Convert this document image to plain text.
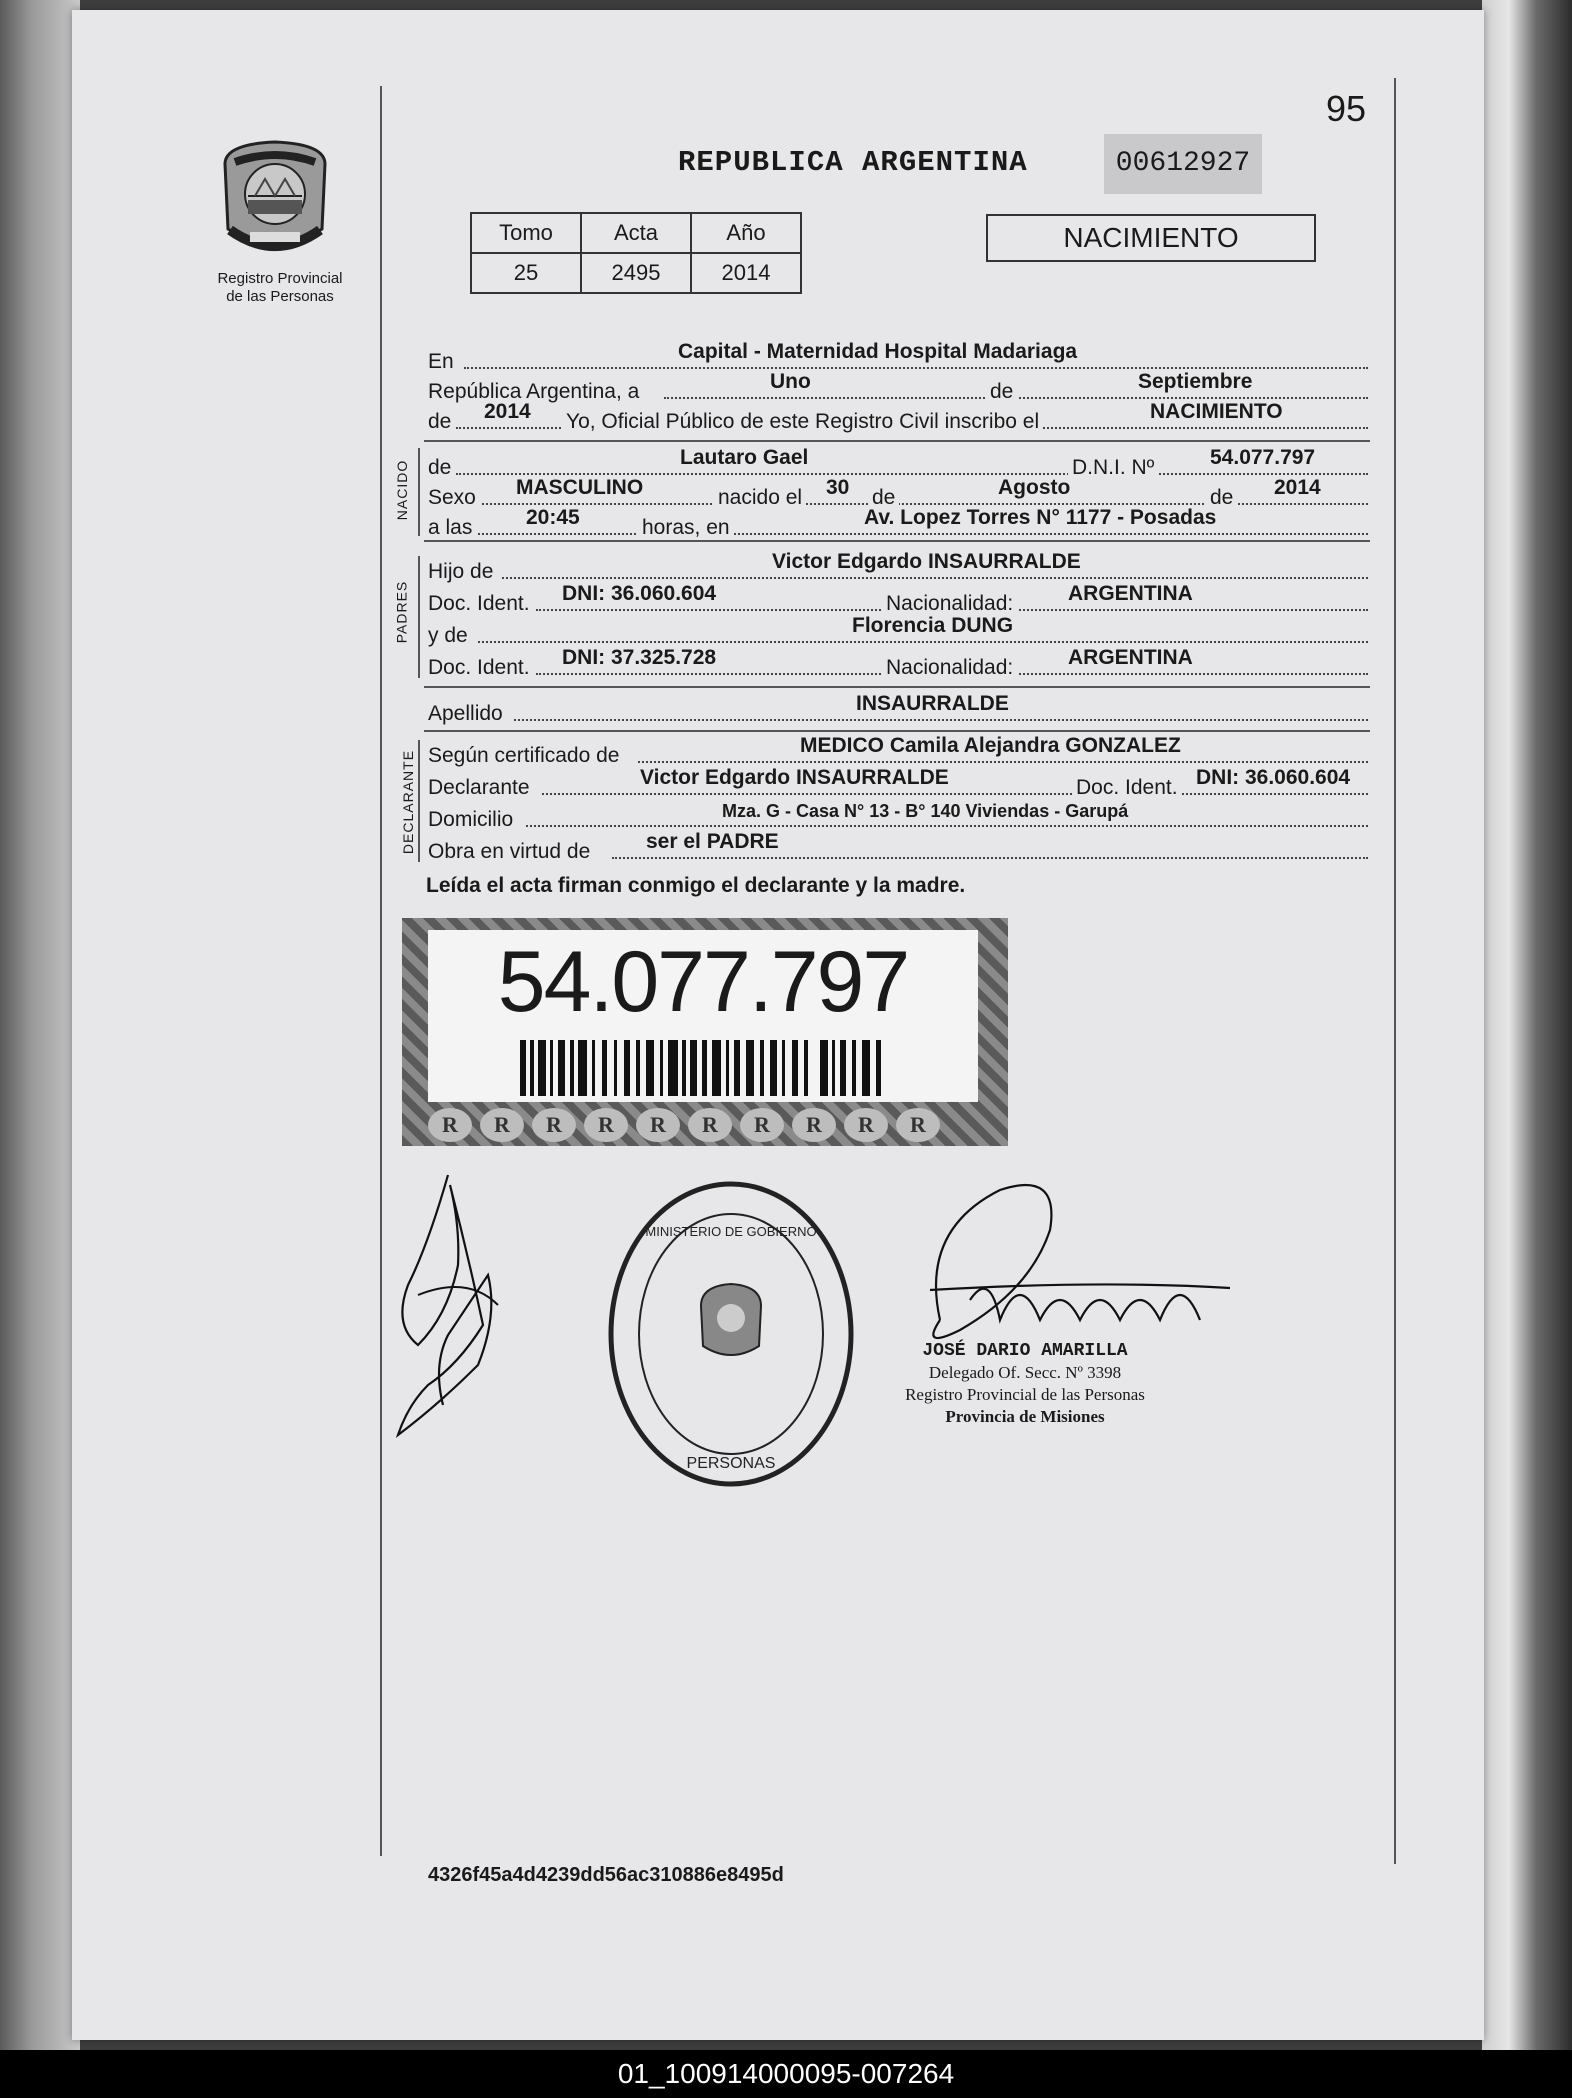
95
Registro Provincial
de las Personas
REPUBLICA ARGENTINA	00612927
Tomo	Acta	Año
25	2495	2014
NACIMIENTO
En	Capital - Maternidad Hospital Madariaga
República Argentina, a	Uno	de	Septiembre
de 2014 Yo, Oficial Público de este Registro Civil inscribo el	NACIMIENTO
NACIDO de	Lautaro Gael	D.N.I. Nº	54.077.797
Sexo MASCULINO	nacido el 30 de	Agosto	de 2014
a las	20:45	horas, en	Av. Lopez Torres N° 1177 - Posadas
PADRES
Hijo de	Victor Edgardo INSAURRALDE
Doc. Ident. DNI: 36.060.604	Nacionalidad:	ARGENTINA
y de	Florencia DUNG
Doc. Ident. DNI: 37.325.728	Nacionalidad:	ARGENTINA
Apellido	INSAURRALDE
DECLARANTE Según certificado de	MEDICO Camila Alejandra GONZALEZ
Declarante	Victor Edgardo INSAURRALDE	Doc. Ident. DNI: 36.060.604
Domicilio	Mza. G - Casa N° 13 - B° 140 Viviendas - Garupá
Obra en virtud de	ser el PADRE
Leída el acta firman conmigo el declarante y la madre.
54.077.797
R	R	R	R	R	R	R	R	R	R
MINISTERIO DE GOBIERNO
PERSONAS
JOSÉ DARIO AMARILLA
Delegado Of. Secc. Nº 3398
Registro Provincial de las Personas
Provincia de Misiones
4326f45a4d4239dd56ac310886e8495d
01_100914000095-007264
